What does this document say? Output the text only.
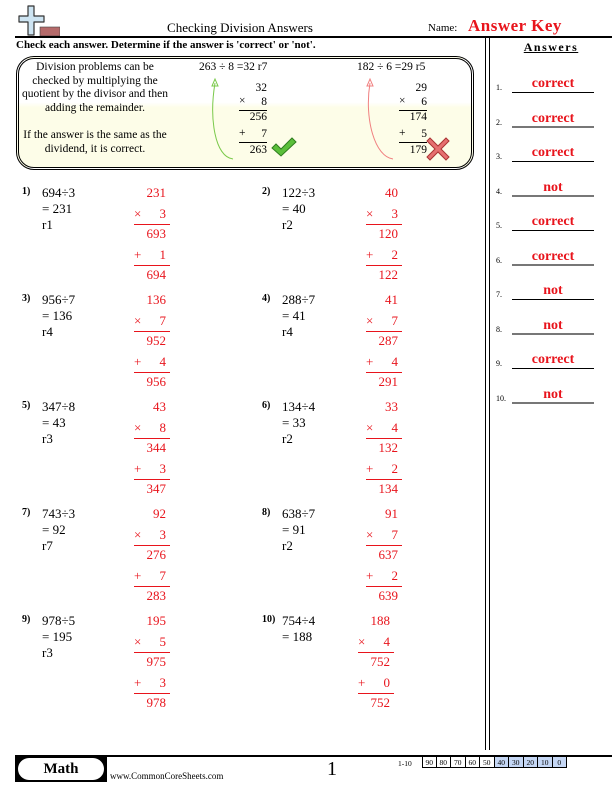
Checking Division Answers	Name: Answer Key
Check each answer. Determine if the answer is 'correct' or 'not'.
Division problems can be
checked by multiplying the
quotient by the divisor and then
adding the remainder.
If the answer is the same as the
dividend, it is correct.
263 ÷ 8 =32 r7
32
×	8
256
+	7
263
182 ÷ 6 =29 r5
29
×	6
174
+	5
179
1) 694÷3 = 231 r1
231
×	3
693
+	1
694
2) 122÷3 = 40 r2
40
×	3
120
+	2
122
3) 956÷7 = 136 r4
136
×	7
952
+	4
956
4) 288÷7 = 41 r4
41
×	7
287
+	4
291
5) 347÷8 = 43 r3
43
×	8
344
+	3
347
6) 134÷4 = 33 r2
33
×	4
132
+	2
134
7) 743÷3 = 92 r7
92
×	3
276
+	7
283
8) 638÷7 = 91 r2
91
×	7
637
+	2
639
9) 978÷5 = 195 r3
195
×	5
975
+	3
978
10) 754÷4 = 188
188
×	4
752
+	0
752
Answers
1.	correct
2.	correct
3.	correct
4.	not
5.	correct
6.	correct
7.	not
8.	not
9.	correct
10.	not
Math	www.CommonCoreSheets.com	1	1-10	90 80 70 60 50 40 30 20 10	0
